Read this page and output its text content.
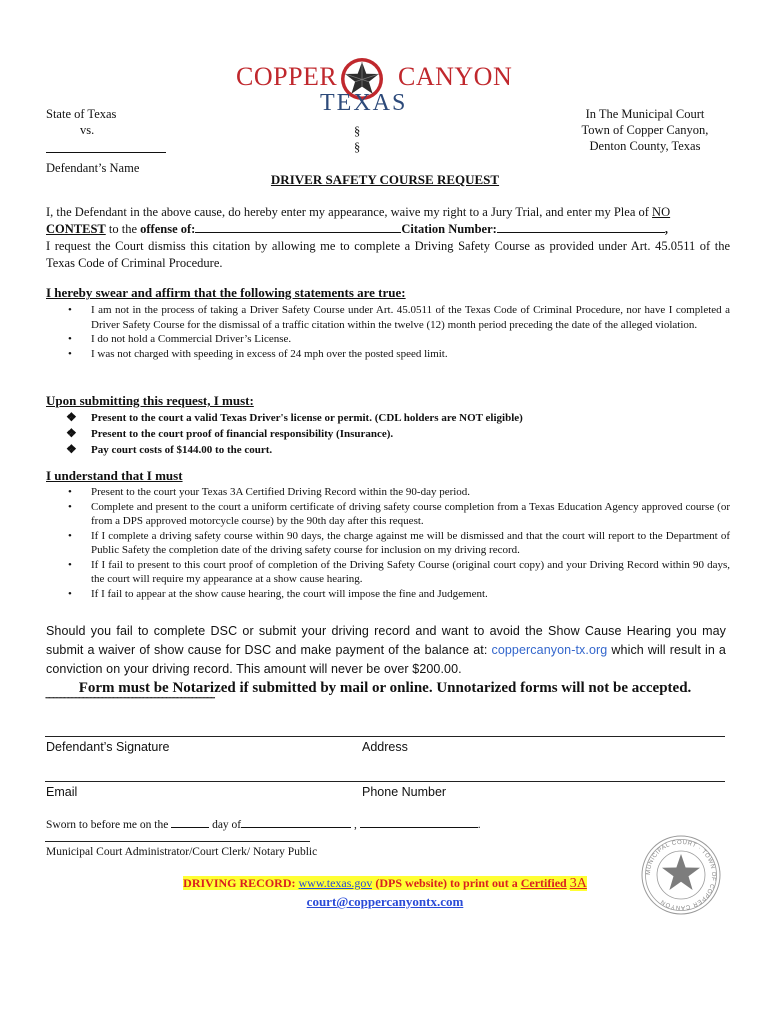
COPPER CANYON
TEXAS
State of Texas
vs.
Defendant’s Name
§
§
In The Municipal Court
Town of Copper Canyon,
Denton County, Texas
DRIVER SAFETY COURSE REQUEST
I, the Defendant in the above cause, do hereby enter my appearance, waive my right to a Jury Trial, and enter my Plea of NO
CONTEST to the offense of:	Citation Number:	,
I request the Court dismiss this citation by allowing me to complete a Driving Safety Course as provided under Art. 45.0511 of the Texas Code of Criminal Procedure.
I hereby swear and affirm that the following statements are true:
• I am not in the process of taking a Driver Safety Course under Art. 45.0511 of the Texas Code of Criminal Procedure, nor have I completed a Driver Safety Course for the dismissal of a traffic citation within the twelve (12) month period preceding the date of the alleged violation.
• I do not hold a Commercial Driver’s License.
• I was not charged with speeding in excess of 24 mph over the posted speed limit.
Upon submitting this request, I must:
❖ Present to the court a valid Texas Driver's license or permit. (CDL holders are NOT eligible)
❖ Present to the court proof of financial responsibility (Insurance).
❖ Pay court costs of $144.00 to the court.
I understand that I must
• Present to the court your Texas 3A Certified Driving Record within the 90-day period.
• Complete and present to the court a uniform certificate of driving safety course completion from a Texas Education Agency approved course (or from a DPS approved motorcycle course) by the 90th day after this request.
• If I complete a driving safety course within 90 days, the charge against me will be dismissed and that the court will report to the Department of Public Safety the completion date of the driving safety course for inclusion on my driving record.
• If I fail to present to this court proof of completion of the Driving Safety Course (original court copy) and your Driving Record within 90 days, the court will require my appearance at a show cause hearing.
• If I fail to appear at the show cause hearing, the court will impose the fine and Judgement.
Should you fail to complete DSC or submit your driving record and want to avoid the Show Cause Hearing you may submit a waiver of show cause for DSC and make payment of the balance at: coppercanyon-tx.org which will result in a conviction on your driving record. This amount will never be over $200.00.
Form must be Notarized if submitted by mail or online. Unnotarized forms will not be accepted.
''''''''''''''''''''''''''''''''''''''''''''''''''''''''''''''''''''''''''''''''''''''''''''''''''''''''''''''''''''''''''''''''''''''''''''''''''''''''''''''''''''''''''''''''''''''''''''''''''''''''''''''''''''''''''''''''''''''''''''''''''''''''''''''''''''''''''''''''''''''''''''''''''''''''''''''''''''''''''''''''''''''''''''''''''''''''''''''''''''''''''''''''''''''''''''''''
Defendant’s Signature	Address
Email	Phone Number
Sworn to before me on the	day of	,	.
Municipal Court Administrator/Court Clerk/ Notary Public
MUNICIPAL COURT · TOWN OF COPPER CANYON
DRIVING RECORD: www.texas.gov (DPS website) to print out a Certified 3A
court@coppercanyontx.com
